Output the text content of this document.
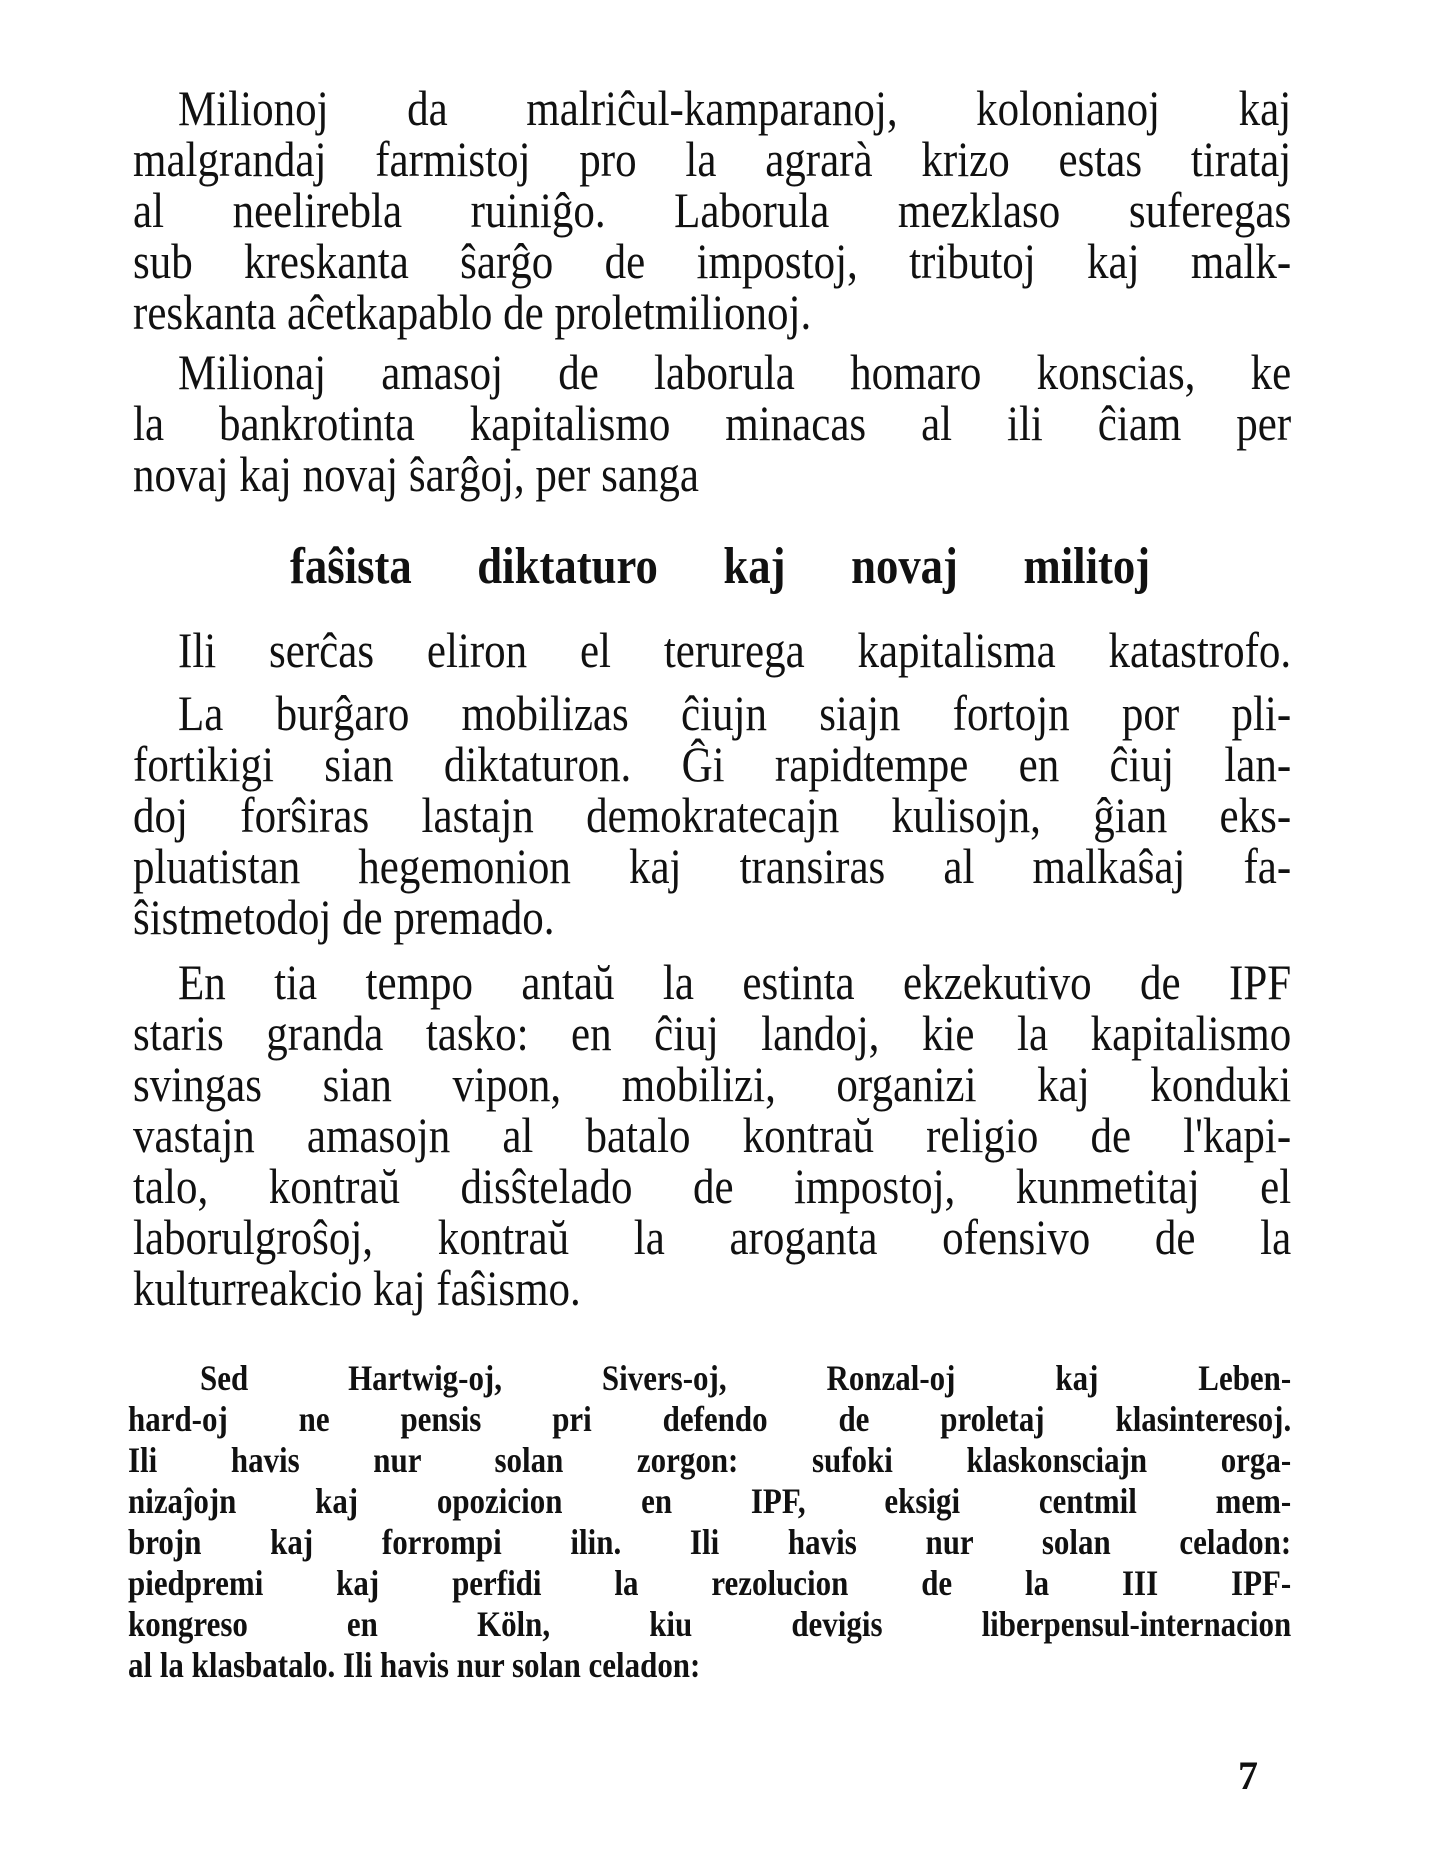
Milionoj da malriĉul-kamparanoj, kolonianoj kaj
malgrandaj farmistoj pro la agrarà krizo estas tirataj
al neelirebla ruiniĝo. Laborula mezklaso suferegas
sub kreskanta ŝarĝo de impostoj, tributoj kaj malk-
reskanta aĉetkapablo de proletmilionoj.
Milionaj amasoj de laborula homaro konscias, ke
la bankrotinta kapitalismo minacas al ili ĉiam per
novaj kaj novaj ŝarĝoj, per sanga
faŝista diktaturo kaj novaj militoj
Ili serĉas eliron el terurega kapitalisma katastrofo.
La burĝaro mobilizas ĉiujn siajn fortojn por pli-
fortikigi sian diktaturon. Ĝi rapidtempe en ĉiuj lan-
doj forŝiras lastajn demokratecajn kulisojn, ĝian eks-
pluatistan hegemonion kaj transiras al malkaŝaj fa-
ŝistmetodoj de premado.
En tia tempo antaŭ la estinta ekzekutivo de IPF
staris granda tasko: en ĉiuj landoj, kie la kapitalismo
svingas sian vipon, mobilizi, organizi kaj konduki
vastajn amasojn al batalo kontraŭ religio de l'kapi-
talo, kontraŭ disŝtelado de impostoj, kunmetitaj el
laborulgroŝoj, kontraŭ la aroganta ofensivo de la
kulturreakcio kaj faŝismo.
Sed Hartwig-oj, Sivers-oj, Ronzal-oj kaj Leben-
hard-oj ne pensis pri defendo de proletaj klasinteresoj.
Ili havis nur solan zorgon: sufoki klaskonsciajn orga-
nizaĵojn kaj opozicion en IPF, eksigi centmil mem-
brojn kaj forrompi ilin. Ili havis nur solan celadon:
piedpremi kaj perfidi la rezolucion de la III IPF-
kongreso en Köln, kiu devigis liberpensul-internacion
al la klasbatalo. Ili havis nur solan celadon:
7
